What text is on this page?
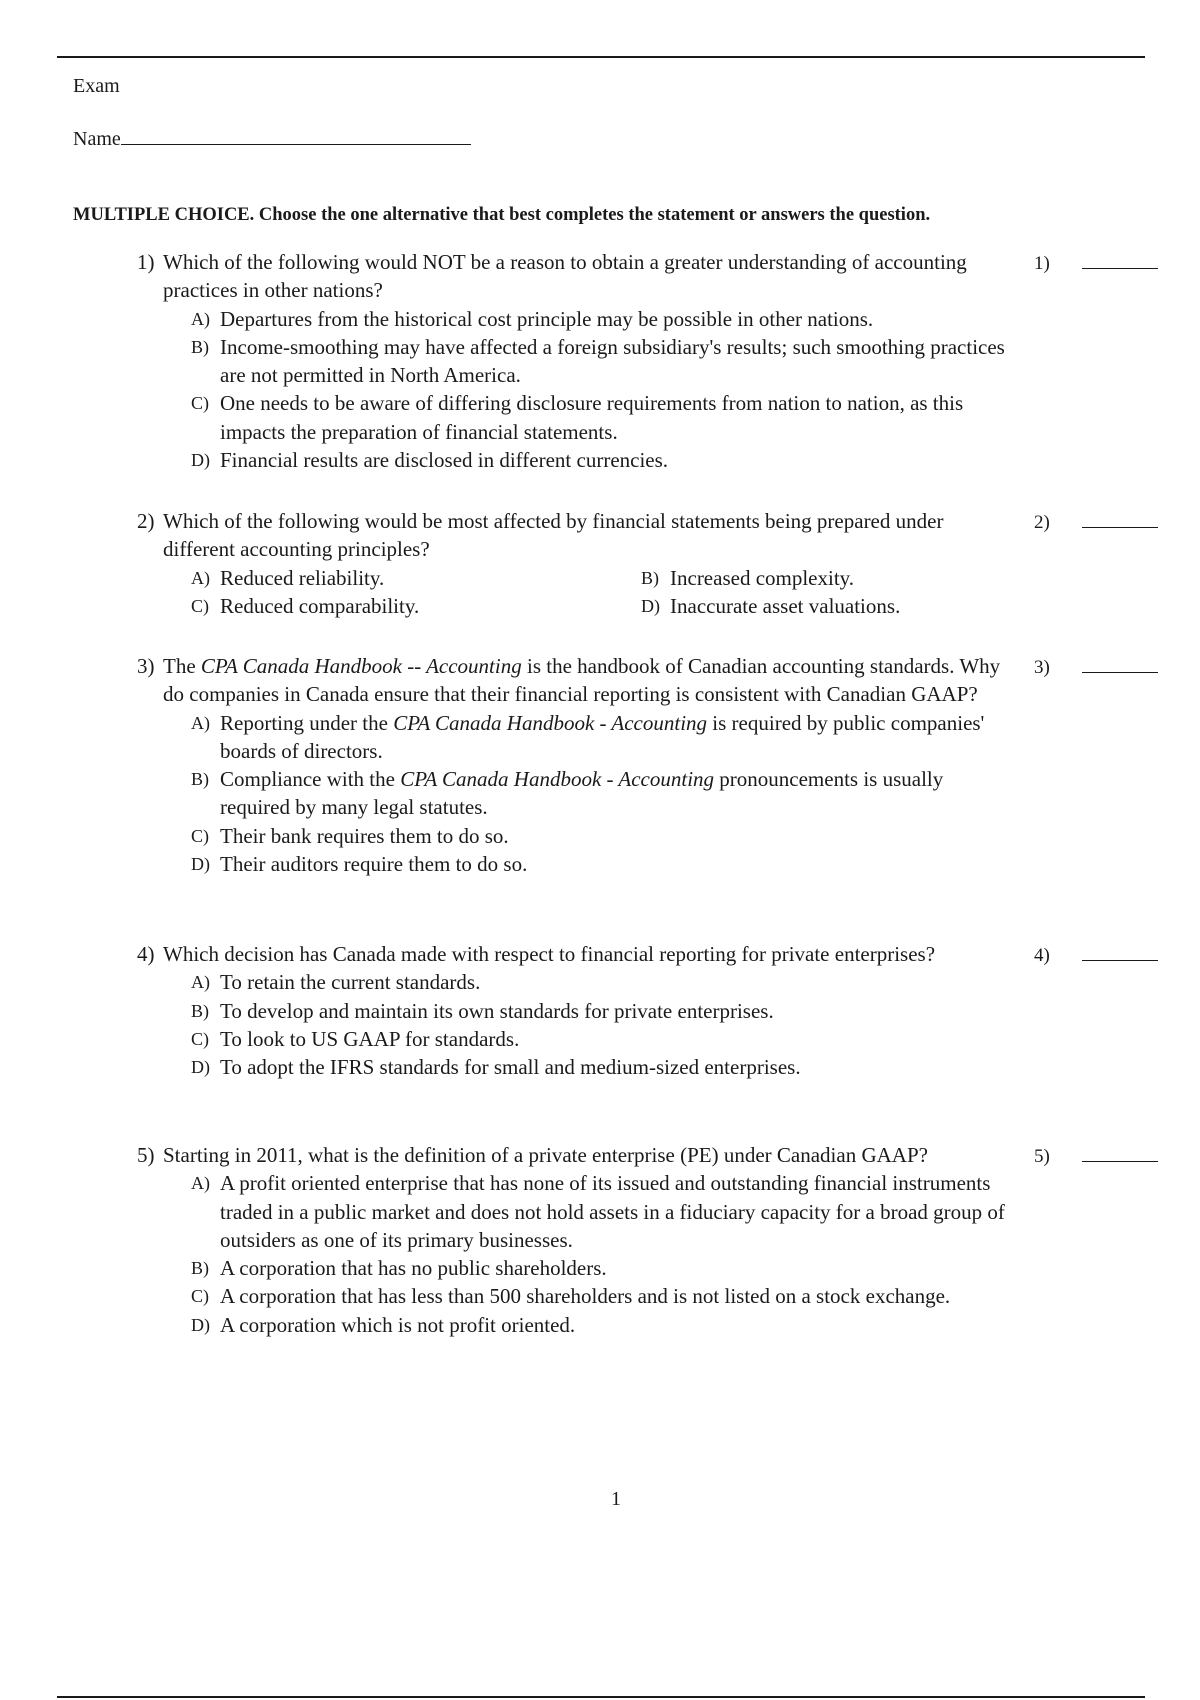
Exam
Name
MULTIPLE CHOICE. Choose the one alternative that best completes the statement or answers the question.
1)
1) Which of the following would NOT be a reason to obtain a greater understanding of accounting practices in other nations?
A) Departures from the historical cost principle may be possible in other nations.
B) Income-smoothing may have affected a foreign subsidiary's results; such smoothing practices are not permitted in North America.
C) One needs to be aware of differing disclosure requirements from nation to nation, as this impacts the preparation of financial statements.
D) Financial results are disclosed in different currencies.
2)
2) Which of the following would be most affected by financial statements being prepared under different accounting principles?
A) Reduced reliability.	B) Increased complexity.
C) Reduced comparability.	D) Inaccurate asset valuations.
3)
3) The CPA Canada Handbook -- Accounting is the handbook of Canadian accounting standards. Why do companies in Canada ensure that their financial reporting is consistent with Canadian GAAP?
A) Reporting under the CPA Canada Handbook - Accounting is required by public companies' boards of directors.
B) Compliance with the CPA Canada Handbook - Accounting pronouncements is usually required by many legal statutes.
C) Their bank requires them to do so.
D) Their auditors require them to do so.
4)
4) Which decision has Canada made with respect to financial reporting for private enterprises?
A) To retain the current standards.
B) To develop and maintain its own standards for private enterprises.
C) To look to US GAAP for standards.
D) To adopt the IFRS standards for small and medium-sized enterprises.
5)
5) Starting in 2011, what is the definition of a private enterprise (PE) under Canadian GAAP?
A) A profit oriented enterprise that has none of its issued and outstanding financial instruments traded in a public market and does not hold assets in a fiduciary capacity for a broad group of outsiders as one of its primary businesses.
B) A corporation that has no public shareholders.
C) A corporation that has less than 500 shareholders and is not listed on a stock exchange.
D) A corporation which is not profit oriented.
1
